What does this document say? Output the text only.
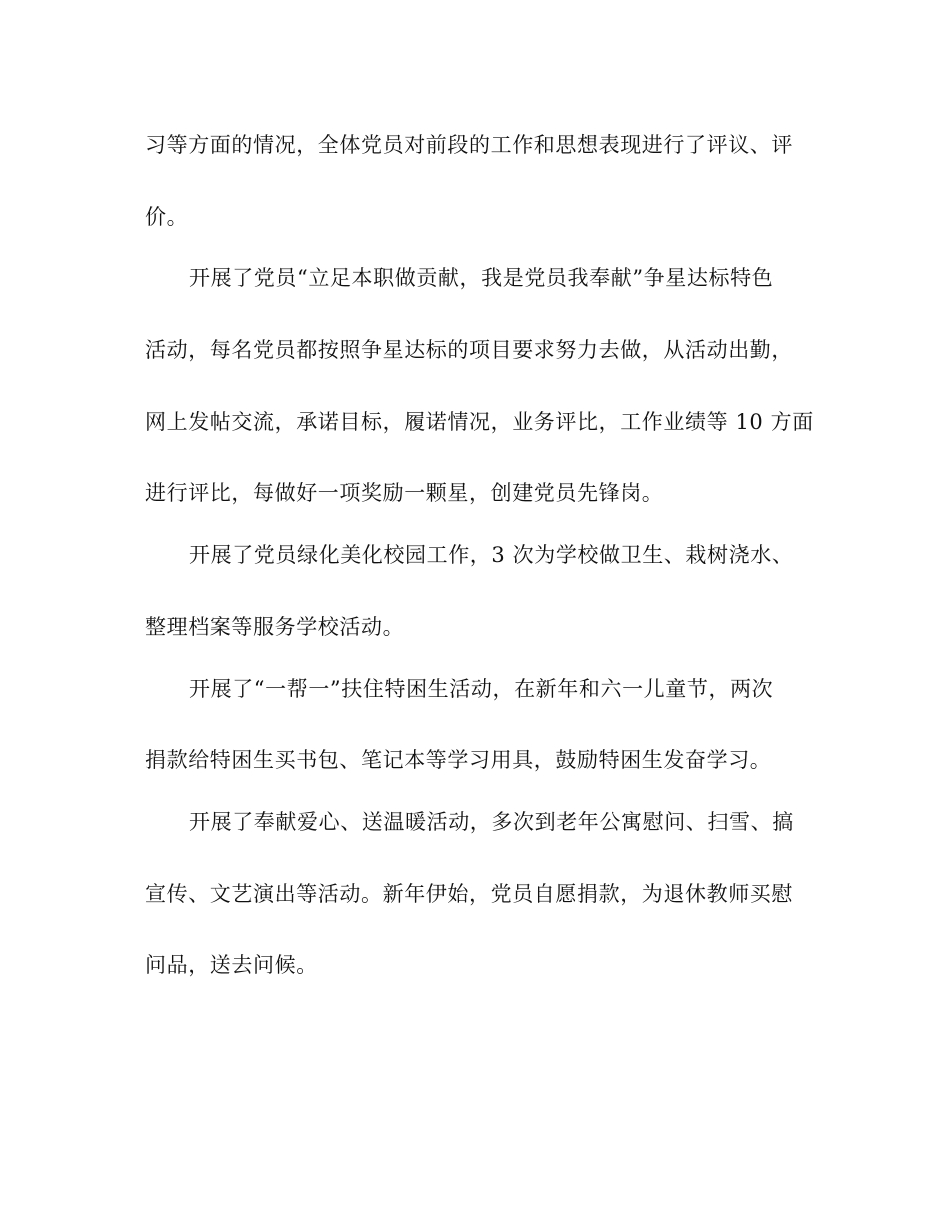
习等方面的情况，全体党员对前段的工作和思想表现进行了评议、评
价。
开展了党员“立足本职做贡献，我是党员我奉献”争星达标特色
活动，每名党员都按照争星达标的项目要求努力去做，从活动出勤，
网上发帖交流，承诺目标，履诺情况，业务评比，工作业绩等 10 方面
进行评比，每做好一项奖励一颗星，创建党员先锋岗。
开展了党员绿化美化校园工作，3 次为学校做卫生、栽树浇水、
整理档案等服务学校活动。
开展了“一帮一”扶住特困生活动，在新年和六一儿童节，两次
捐款给特困生买书包、笔记本等学习用具，鼓励特困生发奋学习。
开展了奉献爱心、送温暖活动，多次到老年公寓慰问、扫雪、搞
宣传、文艺演出等活动。新年伊始，党员自愿捐款，为退休教师买慰
问品，送去问候。
